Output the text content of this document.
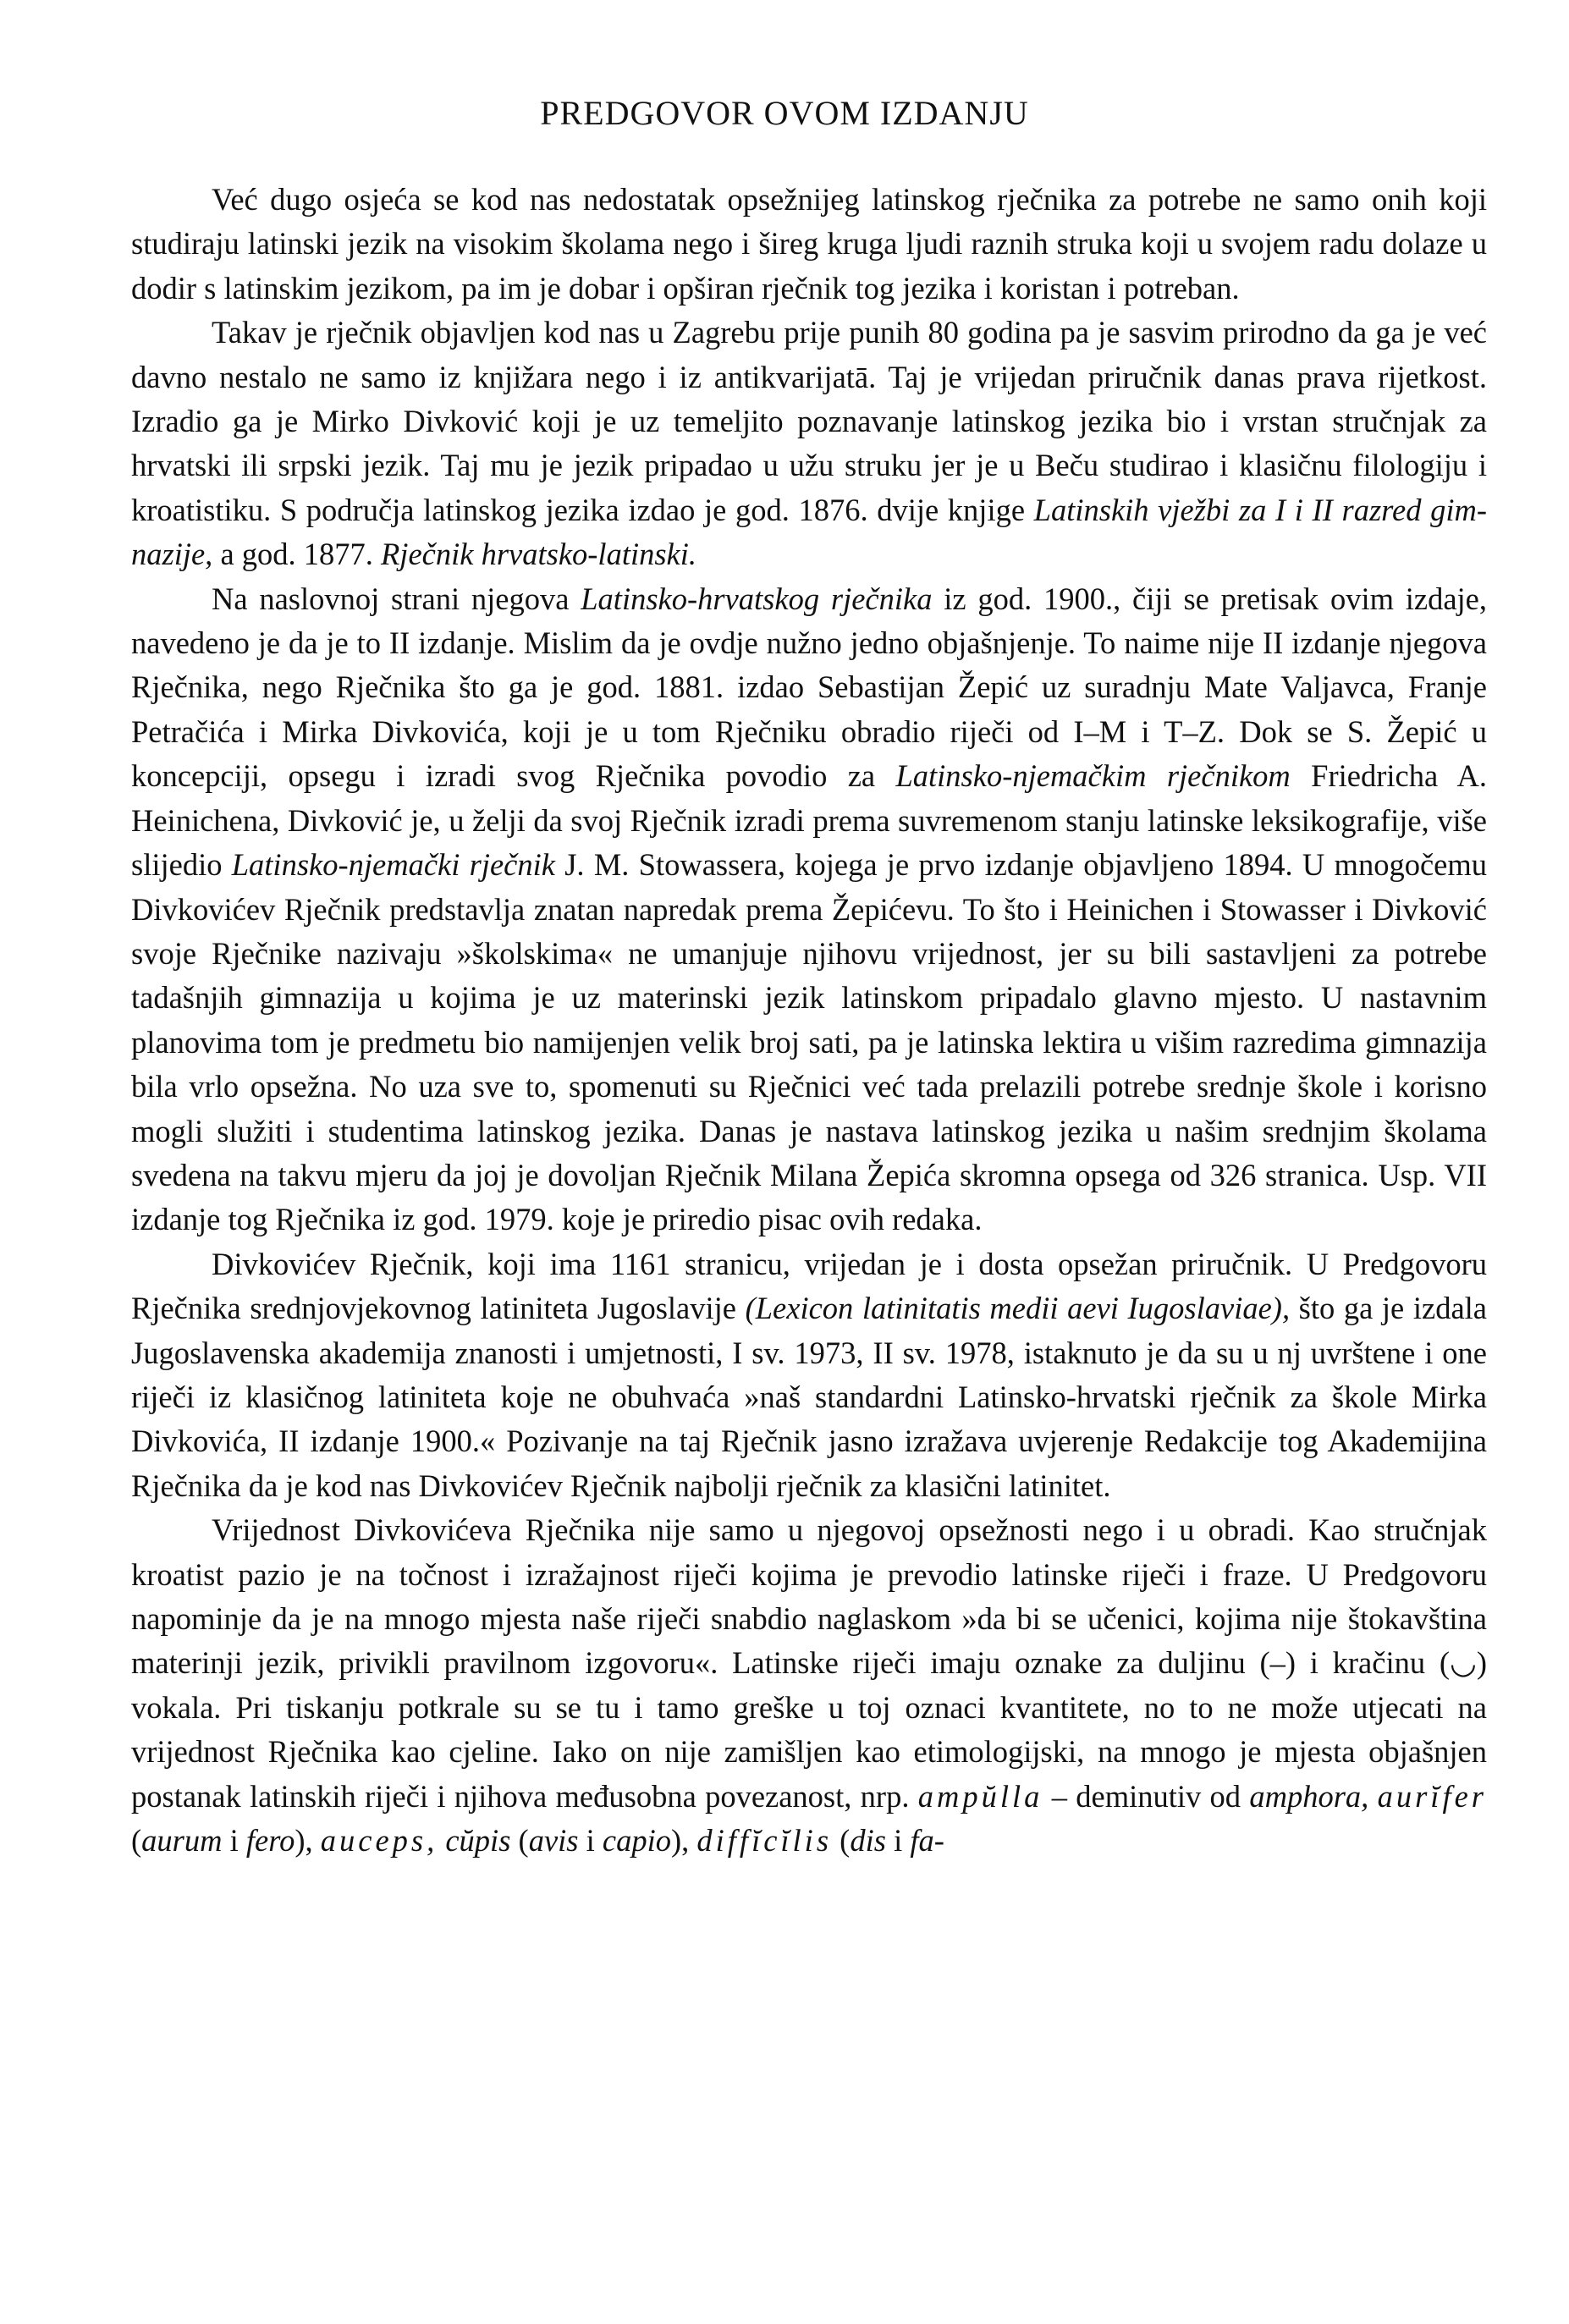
PREDGOVOR OVOM IZDANJU

Već dugo osjeća se kod nas nedostatak opsežnijeg latinskog rječnika za potrebe ne samo onih koji studiraju latinski jezik na visokim školama nego i šireg kruga ljudi raznih struka koji u svojem radu dolaze u dodir s latinskim jezikom, pa im je dobar i opširan rječnik tog jezika i koristan i potreban.

Takav je rječnik objavljen kod nas u Zagrebu prije punih 80 godina pa je sasvim prirodno da ga je već davno nestalo ne samo iz knjižara nego i iz antikvarijatā. Taj je vrijedan priručnik danas prava rijetkost. Izradio ga je Mirko Divković koji je uz temeljito poznavanje latinskog jezika bio i vrstan stručnjak za hrvatski ili srpski jezik. Taj mu je jezik pripadao u užu struku jer je u Beču studirao i klasičnu filologiju i kroatistiku. S područja latinskog jezika izdao je god. 1876. dvije knjige Latinskih vježbi za I i II razred gimnazije, a god. 1877. Rječnik hrvatsko-latinski.

Na naslovnoj strani njegova Latinsko-hrvatskog rječnika iz god. 1900., čiji se pretisak ovim izdaje, navedeno je da je to II izdanje. Mislim da je ovdje nužno jedno objašnjenje. To naime nije II izdanje njegova Rječnika, nego Rječnika što ga je god. 1881. izdao Sebastijan Žepić uz suradnju Mate Valjavca, Franje Petračića i Mirka Divkovića, koji je u tom Rječniku obradio riječi od I–M i T–Z. Dok se S. Žepić u koncepciji, opsegu i izradi svog Rječnika povodio za Latinsko-njemačkim rječnikom Friedricha A. Heinichena, Divković je, u želji da svoj Rječnik izradi prema suvremenom stanju latinske leksikografije, više slijedio Latinsko-njemački rječnik J. M. Stowassera, kojega je prvo izdanje objavljeno 1894. U mnogočemu Divkovićev Rječnik predstavlja znatan napredak prema Žepićevu. To što i Heinichen i Stowasser i Divković svoje Rječnike nazivaju »školskima« ne umanjuje njihovu vrijednost, jer su bili sastavljeni za potrebe tadašnjih gimnazija u kojima je uz materinski jezik latinskom pripadalo glavno mjesto. U nastavnim planovima tom je predmetu bio namijenjen velik broj sati, pa je latinska lektira u višim razredima gimnazija bila vrlo opsežna. No uza sve to, spomenuti su Rječnici već tada prelazili potrebe srednje škole i korisno mogli služiti i studentima latinskog jezika. Danas je nastava latinskog jezika u našim srednjim školama svedena na takvu mjeru da joj je dovoljan Rječnik Milana Žepića skromna opsega od 326 stranica. Usp. VII izdanje tog Rječnika iz god. 1979. koje je priredio pisac ovih redaka.

Divkovićev Rječnik, koji ima 1161 stranicu, vrijedan je i dosta opsežan priručnik. U Predgovoru Rječnika srednjovjekovnog latiniteta Jugoslavije (Lexicon latinitatis medii aevi Iugoslaviae), što ga je izdala Jugoslavenska akademija znanosti i umjetnosti, I sv. 1973, II sv. 1978, istaknuto je da su u nj uvrštene i one riječi iz klasičnog latiniteta koje ne obuhvaća »naš standardni Latinsko-hrvatski rječnik za škole Mirka Divkovića, II izdanje 1900.« Pozivanje na taj Rječnik jasno izražava uvjerenje Redakcije tog Akademijina Rječnika da je kod nas Divkovićev Rječnik najbolji rječnik za klasični latinitet.

Vrijednost Divkovićeva Rječnika nije samo u njegovoj opsežnosti nego i u obradi. Kao stručnjak kroatist pazio je na točnost i izražajnost riječi kojima je prevodio latinske riječi i fraze. U Predgovoru napominje da je na mnogo mjesta naše riječi snabdio naglaskom »da bi se učenici, kojima nije štokavština materinji jezik, privikli pravilnom izgovoru«. Latinske riječi imaju oznake za duljinu (‒) i kračinu (◡) vokala. Pri tiskanju potkrale su se tu i tamo greške u toj oznaci kvantitete, no to ne može utjecati na vrijednost Rječnika kao cjeline. Iako on nije zamišljen kao etimologijski, na mnogo je mjesta objašnjen postanak latinskih riječi i njihova međusobna povezanost, nrp. ampŭlla – deminutiv od amphora, aurĭfer (aurum i fero), auceps, cŭpis (avis i capio), diffĭcĭlis (dis i fa-
